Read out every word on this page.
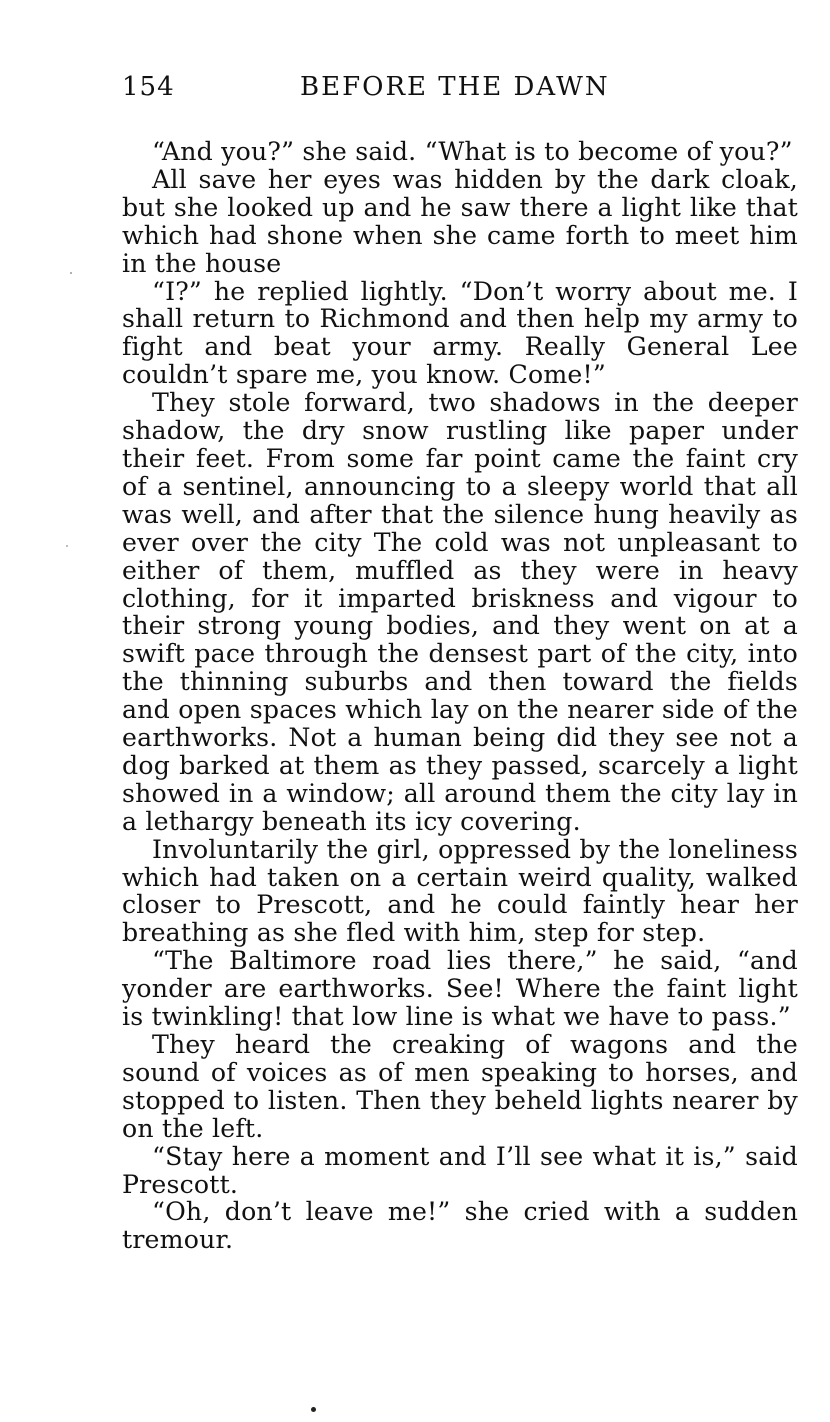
154	BEFORE THE DAWN

“And you?” she said. “What is to become of you?”

All save her eyes was hidden by the dark cloak, but she looked up and he saw there a light like that which had shone when she came forth to meet him in the house

“I?” he replied lightly. “Don’t worry about me. I shall return to Richmond and then help my army to fight and beat your army. Really General Lee couldn’t spare me, you know. Come!”

They stole forward, two shadows in the deeper shadow, the dry snow rustling like paper under their feet. From some far point came the faint cry of a sentinel, announcing to a sleepy world that all was well, and after that the silence hung heavily as ever over the city The cold was not unpleasant to either of them, muffled as they were in heavy clothing, for it imparted briskness and vigour to their strong young bodies, and they went on at a swift pace through the densest part of the city, into the thinning suburbs and then toward the fields and open spaces which lay on the nearer side of the earthworks. Not a human being did they see not a dog barked at them as they passed, scarcely a light showed in a window; all around them the city lay in a lethargy beneath its icy covering.

Involuntarily the girl, oppressed by the loneliness which had taken on a certain weird quality, walked closer to Prescott, and he could faintly hear her breathing as she fled with him, step for step.

“The Baltimore road lies there,” he said, “and yonder are earthworks. See! Where the faint light is twinkling! that low line is what we have to pass.”

They heard the creaking of wagons and the sound of voices as of men speaking to horses, and stopped to listen. Then they beheld lights nearer by on the left.

“Stay here a moment and I’ll see what it is,” said Prescott.

“Oh, don’t leave me!” she cried with a sudden tremour.
